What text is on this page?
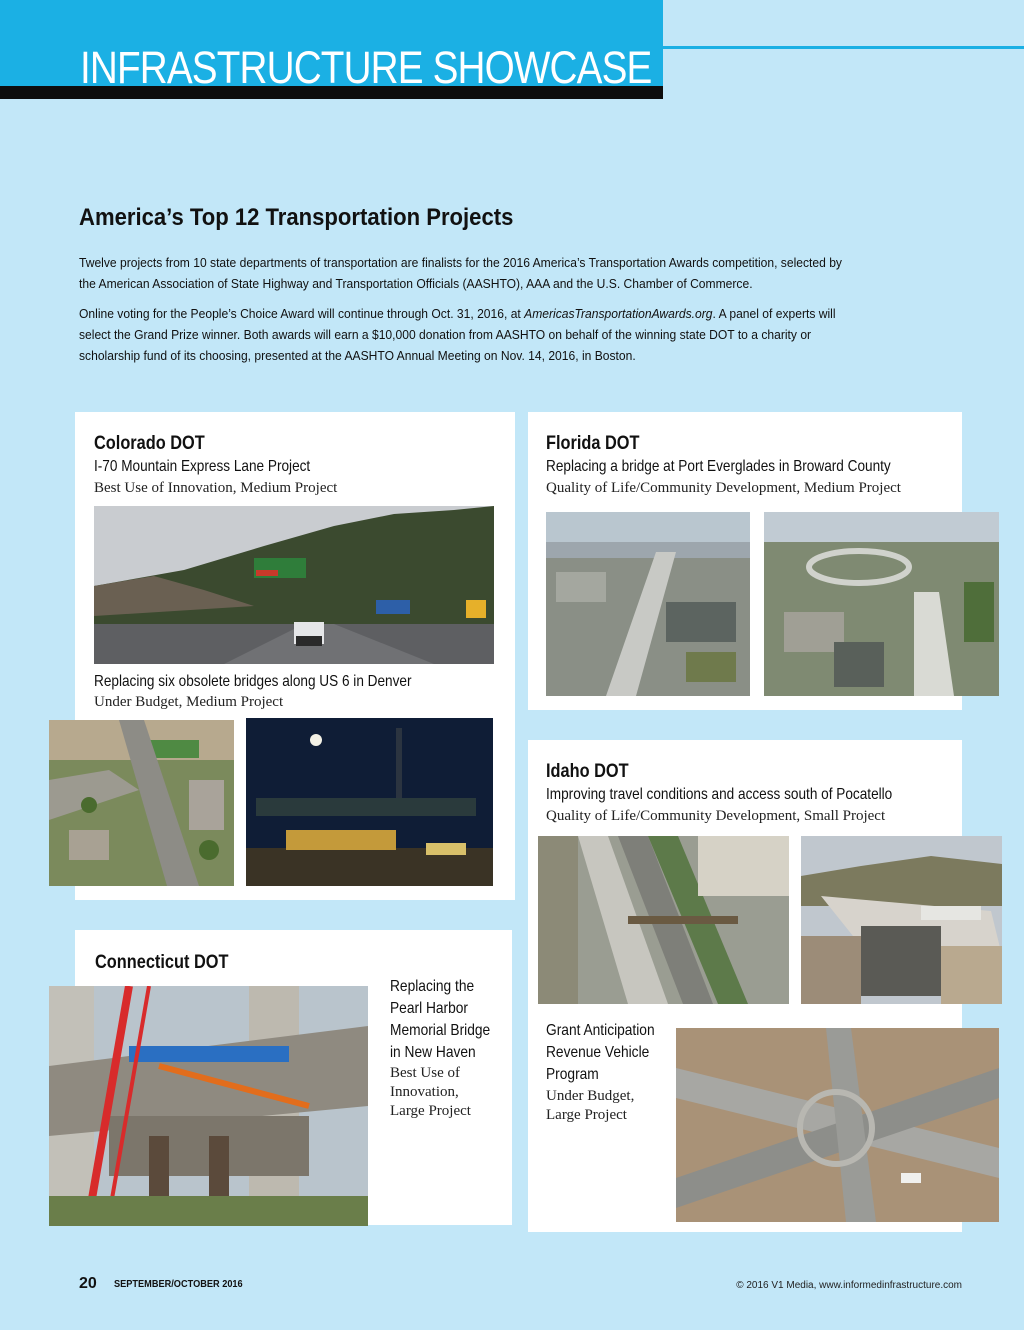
INFRASTRUCTURE SHOWCASE
America’s Top 12 Transportation Projects

Twelve projects from 10 state departments of transportation are finalists for the 2016 America’s Transportation Awards competition, selected by the American Association of State Highway and Transportation Officials (AASHTO), AAA and the U.S. Chamber of Commerce.

Online voting for the People’s Choice Award will continue through Oct. 31, 2016, at AmericasTransportationAwards.org. A panel of experts will select the Grand Prize winner. Both awards will earn a $10,000 donation from AASHTO on behalf of the winning state DOT to a charity or scholarship fund of its choosing, presented at the AASHTO Annual Meeting on Nov. 14, 2016, in Boston.

Colorado DOT

I-70 Mountain Express Lane Project

Best Use of Innovation, Medium Project

Replacing six obsolete bridges along US 6 in Denver

Under Budget, Medium Project

Florida DOT

Replacing a bridge at Port Everglades in Broward County

Quality of Life/Community Development, Medium Project

Idaho DOT

Improving travel conditions and access south of Pocatello

Quality of Life/Community Development, Small Project

Grant Anticipation
Revenue Vehicle
Program

Under Budget,
Large Project

Connecticut DOT

Replacing the
Pearl Harbor
Memorial Bridge
in New Haven

Best Use of
Innovation,
Large Project

20 SEPTEMBER/OCTOBER 2016	© 2016 V1 Media, www.informedinfrastructure.com
